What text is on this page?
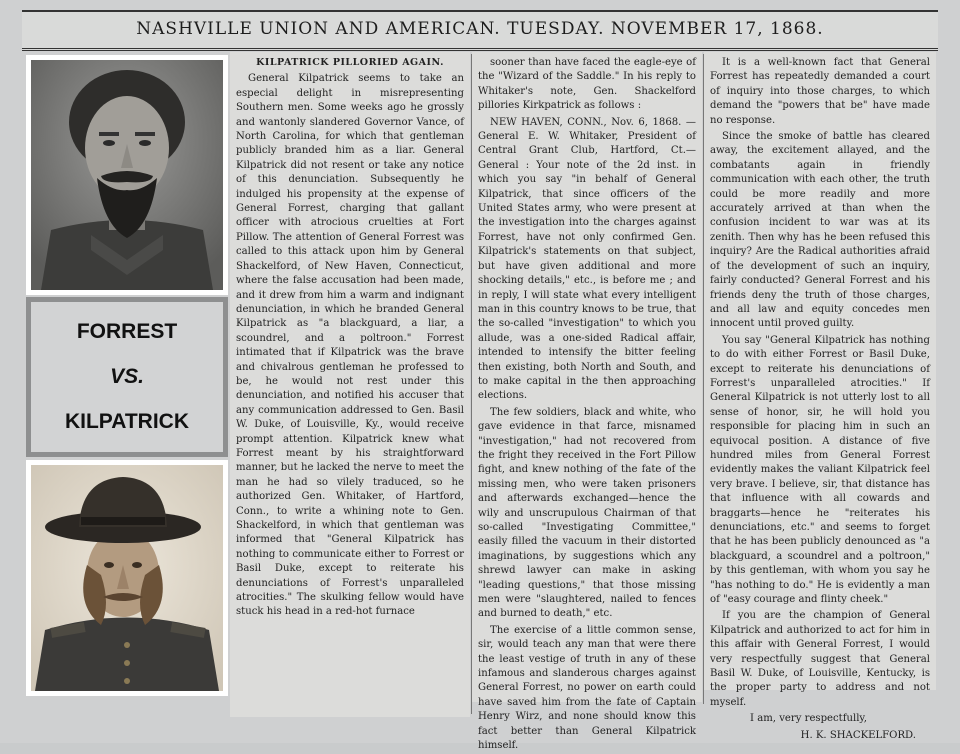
NASHVILLE UNION AND AMERICAN. TUESDAY. NOVEMBER 17, 1868.
FORREST
VS.
KILPATRICK

KILPATRICK PILLORIED AGAIN.

General Kilpatrick seems to take an especial delight in misrepresenting Southern men. Some weeks ago he grossly and wantonly slandered Governor Vance, of North Carolina, for which that gentleman publicly branded him as a liar. General Kilpatrick did not resent or take any notice of this denunciation. Subsequently he indulged his propensity at the expense of General Forrest, charging that gallant officer with atrocious cruelties at Fort Pillow. The attention of General Forrest was called to this attack upon him by General Shackelford, of New Haven, Connecticut, where the false accusation had been made, and it drew from him a warm and indignant denunciation, in which he branded General Kilpatrick as "a blackguard, a liar, a scoundrel, and a poltroon." Forrest intimated that if Kilpatrick was the brave and chivalrous gentleman he professed to be, he would not rest under this denunciation, and notified his accuser that any communication addressed to Gen. Basil W. Duke, of Louisville, Ky., would receive prompt attention. Kilpatrick knew what Forrest meant by his straightforward manner, but he lacked the nerve to meet the man he had so vilely traduced, so he authorized Gen. Whitaker, of Hartford, Conn., to write a whining note to Gen. Shackelford, in which that gentleman was informed that "General Kilpatrick has nothing to communicate either to Forrest or Basil Duke, except to reiterate his denunciations of Forrest's unparalleled atrocities." The skulking fellow would have stuck his head in a red-hot furnace

sooner than have faced the eagle-eye of the "Wizard of the Saddle." In his reply to Whitaker's note, Gen. Shackelford pillories Kirkpatrick as follows :

NEW HAVEN, CONN., Nov. 6, 1868. —General E. W. Whitaker, President of Central Grant Club, Hartford, Ct.— General : Your note of the 2d inst. in which you say "in behalf of General Kilpatrick, that since officers of the United States army, who were present at the investigation into the charges against Forrest, have not only confirmed Gen. Kilpatrick's statements on that subject, but have given additional and more shocking details," etc., is before me ; and in reply, I will state what every intelligent man in this country knows to be true, that the so-called "investigation" to which you allude, was a one-sided Radical affair, intended to intensify the bitter feeling then existing, both North and South, and to make capital in the then approaching elections.

The few soldiers, black and white, who gave evidence in that farce, misnamed "investigation," had not recovered from the fright they received in the Fort Pillow fight, and knew nothing of the fate of the missing men, who were taken prisoners and afterwards exchanged—hence the wily and unscrupulous Chairman of that so-called "Investigating Committee," easily filled the vacuum in their distorted imaginations, by suggestions which any shrewd lawyer can make in asking "leading questions," that those missing men were "slaughtered, nailed to fences and burned to death," etc.

The exercise of a little common sense, sir, would teach any man that were there the least vestige of truth in any of these infamous and slanderous charges against General Forrest, no power on earth could have saved him from the fate of Captain Henry Wirz, and none should know this fact better than General Kilpatrick himself.

It is a well-known fact that General Forrest has repeatedly demanded a court of inquiry into those charges, to which demand the "powers that be" have made no response.

Since the smoke of battle has cleared away, the excitement allayed, and the combatants again in friendly communication with each other, the truth could be more readily and more accurately arrived at than when the confusion incident to war was at its zenith. Then why has he been refused this inquiry? Are the Radical authorities afraid of the development of such an inquiry, fairly conducted? General Forrest and his friends deny the truth of those charges, and all law and equity concedes men innocent until proved guilty.

You say "General Kilpatrick has nothing to do with either Forrest or Basil Duke, except to reiterate his denunciations of Forrest's unparalleled atrocities." If General Kilpatrick is not utterly lost to all sense of honor, sir, he will hold you responsible for placing him in such an equivocal position. A distance of five hundred miles from General Forrest evidently makes the valiant Kilpatrick feel very brave. I believe, sir, that distance has that influence with all cowards and braggarts—hence he "reiterates his denunciations, etc." and seems to forget that he has been publicly denounced as "a blackguard, a scoundrel and a poltroon," by this gentleman, with whom you say he "has nothing to do." He is evidently a man of "easy courage and flinty cheek."

If you are the champion of General Kilpatrick and authorized to act for him in this affair with General Forrest, I would very respectfully suggest that General Basil W. Duke, of Louisville, Kentucky, is the proper party to address and not myself.

I am, very respectfully,

H. K. SHACKELFORD.
